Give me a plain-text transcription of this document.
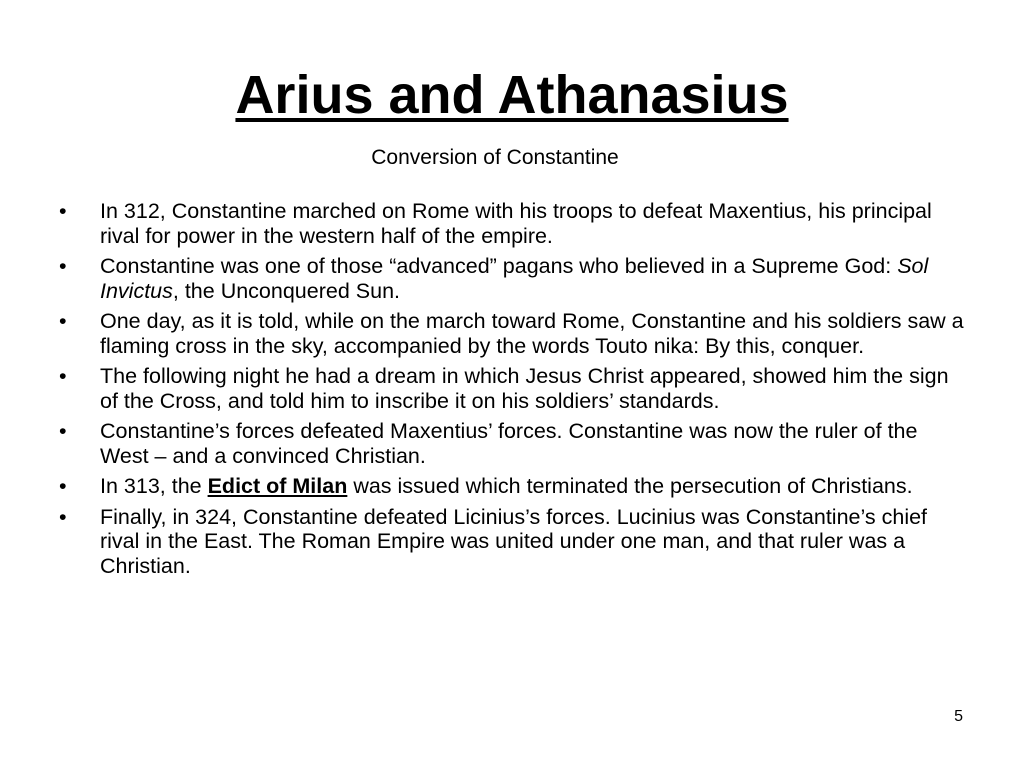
Arius and Athanasius
Conversion of Constantine
•	In 312, Constantine marched on Rome with his troops to defeat Maxentius, his principal rival for power in the western half of the empire.
•	Constantine was one of those “advanced” pagans who believed in a Supreme God: Sol Invictus, the Unconquered Sun.
•	One day, as it is told, while on the march toward Rome, Constantine and his soldiers saw a flaming cross in the sky, accompanied by the words Touto nika: By this, conquer.
•	The following night he had a dream in which Jesus Christ appeared, showed him the sign of the Cross, and told him to inscribe it on his soldiers’ standards.
•	Constantine’s forces defeated Maxentius’ forces. Constantine was now the ruler of the West – and a convinced Christian.
•	In 313, the Edict of Milan was issued which terminated the persecution of Christians.
•	Finally, in 324, Constantine defeated Licinius’s forces. Lucinius was Constantine’s chief rival in the East. The Roman Empire was united under one man, and that ruler was a Christian.
5
